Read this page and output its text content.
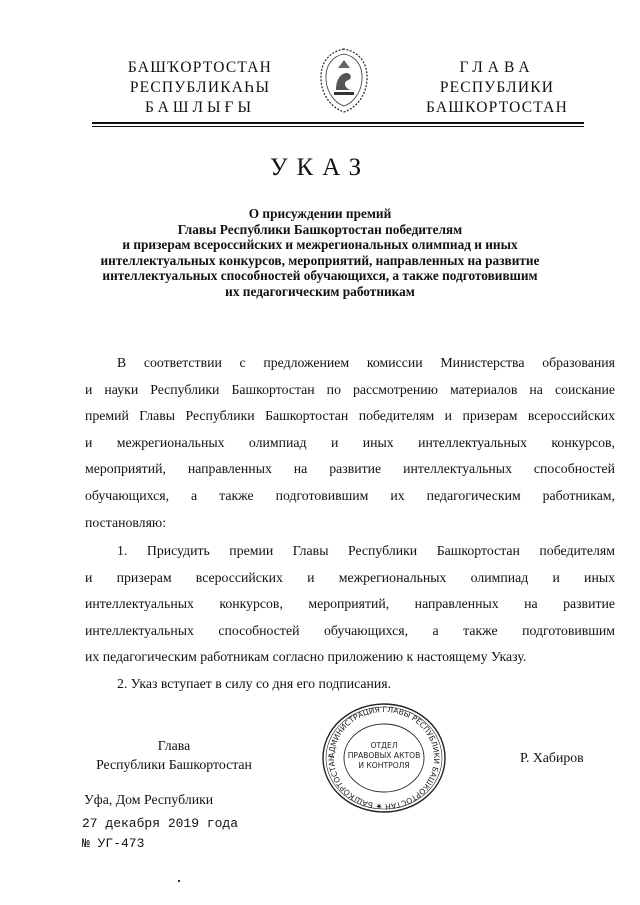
БАШҠОРТОСТАН
РЕСПУБЛИКАҺЫ
БАШЛЫҒЫ
ГЛАВА
РЕСПУБЛИКИ
БАШКОРТОСТАН
УКАЗ
О присуждении премий
Главы Республики Башкортостан победителям
и призерам всероссийских и межрегиональных олимпиад и иных
интеллектуальных конкурсов, мероприятий, направленных на развитие
интеллектуальных способностей обучающихся, а также подготовившим
их педагогическим работникам
В соответствии с предложением комиссии Министерства образования
и науки Республики Башкортостан по рассмотрению материалов на соискание
премий Главы Республики Башкортостан победителям и призерам всероссийских
и межрегиональных олимпиад и иных интеллектуальных конкурсов,
мероприятий, направленных на развитие интеллектуальных способностей
обучающихся, а также подготовившим их педагогическим работникам,
постановляю:
1. Присудить премии Главы Республики Башкортостан победителям
и призерам всероссийских и межрегиональных олимпиад и иных
интеллектуальных конкурсов, мероприятий, направленных на развитие
интеллектуальных способностей обучающихся, а также подготовившим
их педагогическим работникам согласно приложению к настоящему Указу.
2. Указ вступает в силу со дня его подписания.
Глава
Республики Башкортостан
АДМИНИСТРАЦИЯ ГЛАВЫ РЕСПУБЛИКИ БАШКОРТОСТАН ★ БАШҠОРТОСТАН
ОТДЕЛ
ПРАВОВЫХ АКТОВ
И КОНТРОЛЯ
Р. Хабиров
Уфа, Дом Республики
27 декабря 2019 года
№ УГ-473
